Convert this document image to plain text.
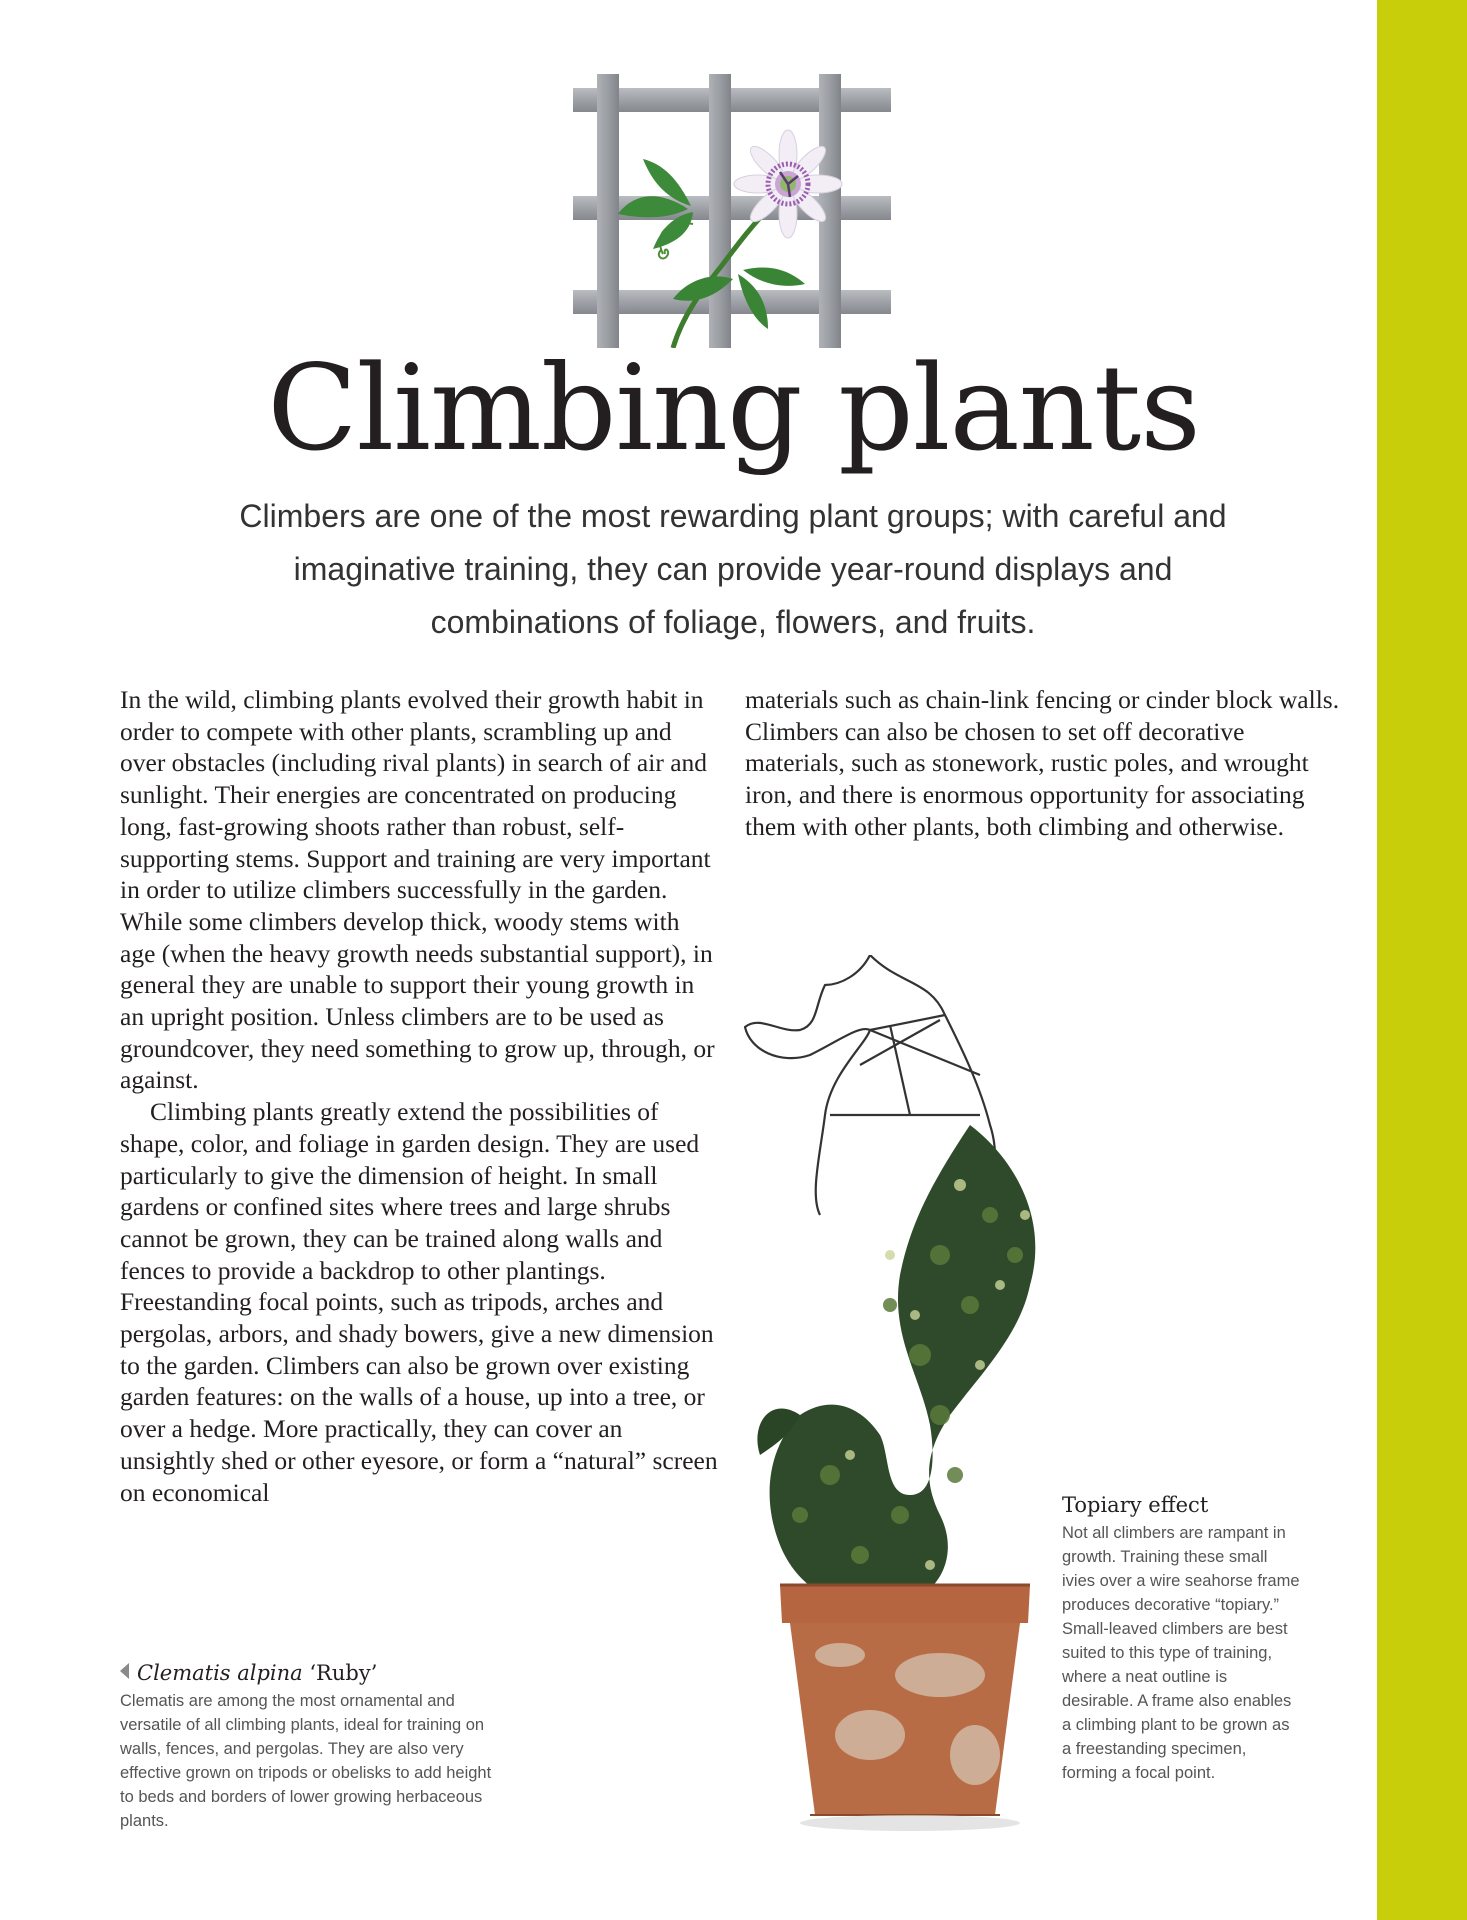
Climbing plants
Climbers are one of the most rewarding plant groups; with careful and imaginative training, they can provide year-round displays and combinations of foliage, flowers, and fruits.

In the wild, climbing plants evolved their growth habit in order to compete with other plants, scrambling up and over obstacles (including rival plants) in search of air and sunlight. Their energies are concentrated on producing long, fast-growing shoots rather than robust, self-supporting stems. Support and training are very important in order to utilize climbers successfully in the garden. While some climbers develop thick, woody stems with age (when the heavy growth needs substantial support), in general they are unable to support their young growth in an upright position. Unless climbers are to be used as groundcover, they need something to grow up, through, or against.

Climbing plants greatly extend the possibilities of shape, color, and foliage in garden design. They are used particularly to give the dimension of height. In small gardens or confined sites where trees and large shrubs cannot be grown, they can be trained along walls and fences to provide a backdrop to other plantings. Freestanding focal points, such as tripods, arches and pergolas, arbors, and shady bowers, give a new dimension to the garden. Climbers can also be grown over existing garden features: on the walls of a house, up into a tree, or over a hedge. More practically, they can cover an unsightly shed or other eyesore, or form a “natural” screen on economical

materials such as chain-link fencing or cinder block walls. Climbers can also be chosen to set off decorative materials, such as stonework, rustic poles, and wrought iron, and there is enormous opportunity for associating them with other plants, both climbing and otherwise.

Clematis alpina ‘Ruby’
Clematis are among the most ornamental and versatile of all climbing plants, ideal for training on walls, fences, and pergolas. They are also very effective grown on tripods or obelisks to add height to beds and borders of lower growing herbaceous plants.
Topiary effect
Not all climbers are rampant in growth. Training these small ivies over a wire seahorse frame produces decorative “topiary.” Small-leaved climbers are best suited to this type of training, where a neat outline is desirable. A frame also enables a climbing plant to be grown as a freestanding specimen, forming a focal point.
